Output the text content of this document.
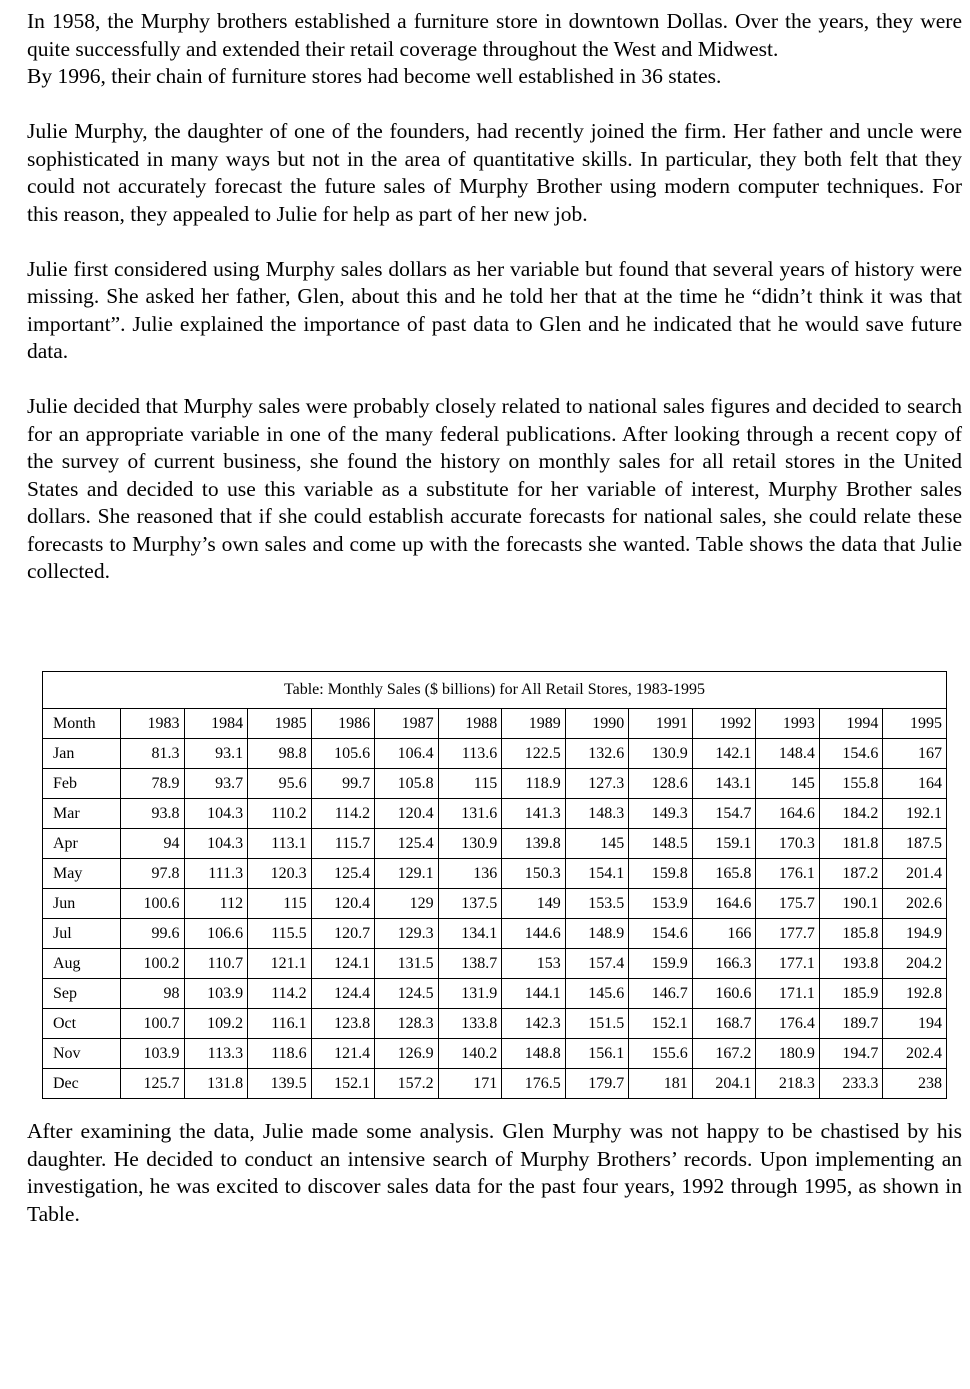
In 1958, the Murphy brothers established a furniture store in downtown Dollas. Over the years, they were quite successfully and extended their retail coverage throughout the West and Midwest.

By 1996, their chain of furniture stores had become well established in 36 states.

Julie Murphy, the daughter of one of the founders, had recently joined the firm. Her father and uncle were sophisticated in many ways but not in the area of quantitative skills. In particular, they both felt that they could not accurately forecast the future sales of Murphy Brother using modern computer techniques. For this reason, they appealed to Julie for help as part of her new job.

Julie first considered using Murphy sales dollars as her variable but found that several years of history were missing. She asked her father, Glen, about this and he told her that at the time he “didn’t think it was that important”. Julie explained the importance of past data to Glen and he indicated that he would save future data.

Julie decided that Murphy sales were probably closely related to national sales figures and decided to search for an appropriate variable in one of the many federal publications. After looking through a recent copy of the survey of current business, she found the history on monthly sales for all retail stores in the United States and decided to use this variable as a substitute for her variable of interest, Murphy Brother sales dollars. She reasoned that if she could establish accurate forecasts for national sales, she could relate these forecasts to Murphy’s own sales and come up with the forecasts she wanted. Table shows the data that Julie collected.

Table: Monthly Sales ($ billions) for All Retail Stores, 1983-1995													
Month	1983	1984	1985	1986	1987	1988	1989	1990	1991	1992	1993	1994	1995
Jan	81.3	93.1	98.8	105.6	106.4	113.6	122.5	132.6	130.9	142.1	148.4	154.6	167
Feb	78.9	93.7	95.6	99.7	105.8	115	118.9	127.3	128.6	143.1	145	155.8	164
Mar	93.8	104.3	110.2	114.2	120.4	131.6	141.3	148.3	149.3	154.7	164.6	184.2	192.1
Apr	94	104.3	113.1	115.7	125.4	130.9	139.8	145	148.5	159.1	170.3	181.8	187.5
May	97.8	111.3	120.3	125.4	129.1	136	150.3	154.1	159.8	165.8	176.1	187.2	201.4
Jun	100.6	112	115	120.4	129	137.5	149	153.5	153.9	164.6	175.7	190.1	202.6
Jul	99.6	106.6	115.5	120.7	129.3	134.1	144.6	148.9	154.6	166	177.7	185.8	194.9
Aug	100.2	110.7	121.1	124.1	131.5	138.7	153	157.4	159.9	166.3	177.1	193.8	204.2
Sep	98	103.9	114.2	124.4	124.5	131.9	144.1	145.6	146.7	160.6	171.1	185.9	192.8
Oct	100.7	109.2	116.1	123.8	128.3	133.8	142.3	151.5	152.1	168.7	176.4	189.7	194
Nov	103.9	113.3	118.6	121.4	126.9	140.2	148.8	156.1	155.6	167.2	180.9	194.7	202.4
Dec	125.7	131.8	139.5	152.1	157.2	171	176.5	179.7	181	204.1	218.3	233.3	238

After examining the data, Julie made some analysis. Glen Murphy was not happy to be chastised by his daughter. He decided to conduct an intensive search of Murphy Brothers’ records. Upon implementing an investigation, he was excited to discover sales data for the past four years, 1992 through 1995, as shown in Table.
